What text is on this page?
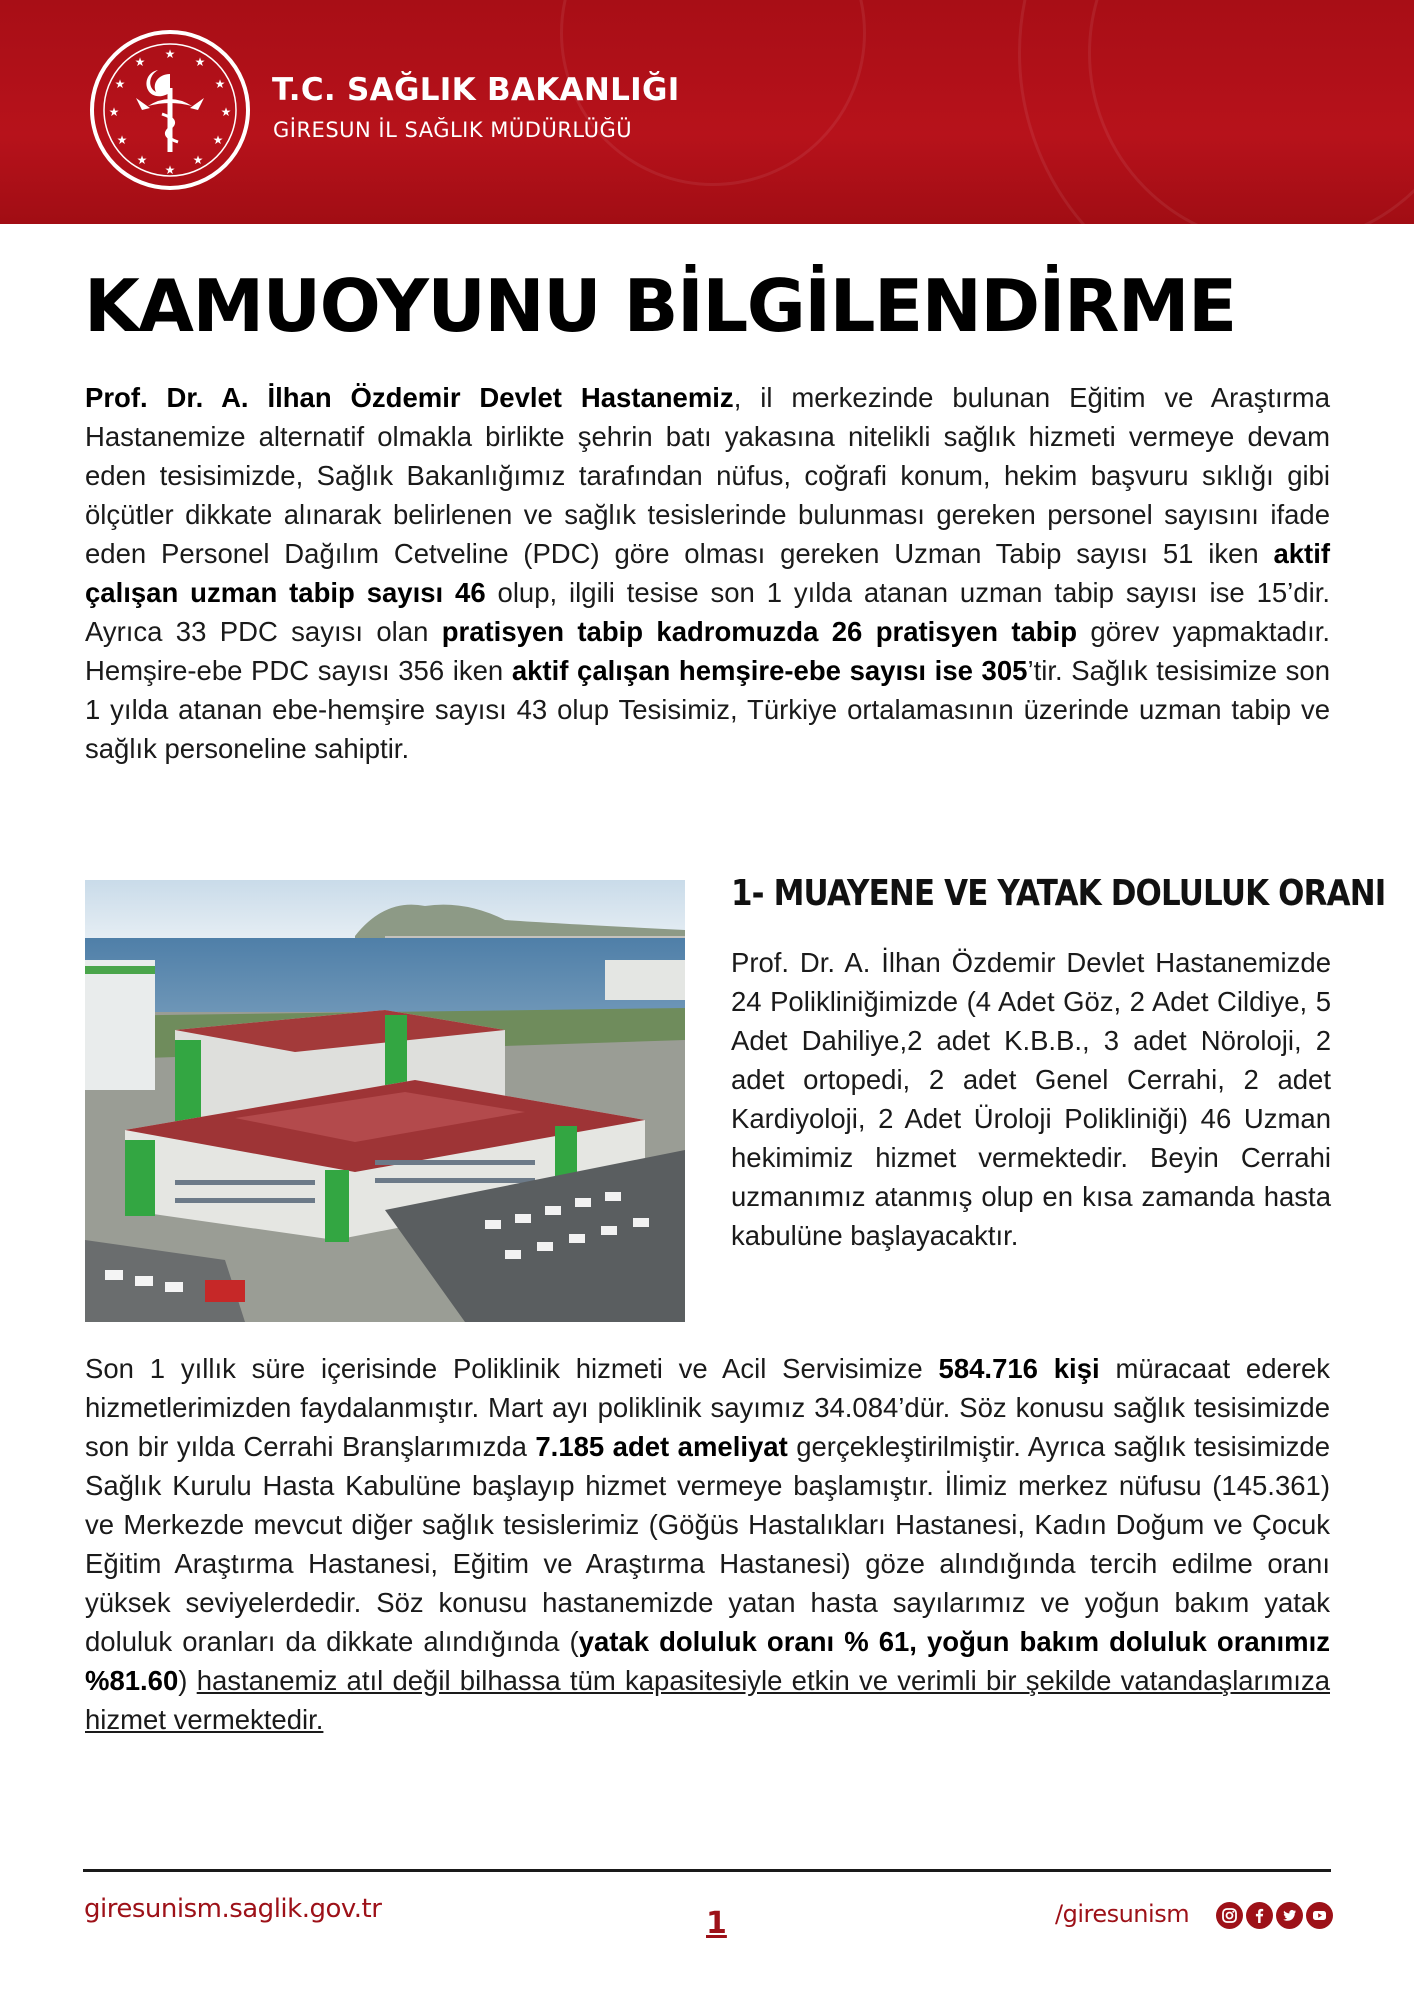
★
★
★
★
★
★
★
★
★
★
★
★
T.C. SAĞLIK BAKANLIĞI
GİRESUN İL SAĞLIK MÜDÜRLÜĞÜ
KAMUOYUNU BİLGİLENDİRME

Prof. Dr. A. İlhan Özdemir Devlet Hastanemiz, il merkezinde bulunan Eğitim ve Araştırma Hastanemize alternatif olmakla birlikte şehrin batı yakasına nitelikli sağlık hizmeti vermeye devam eden tesisimizde, Sağlık Bakanlığımız tarafından nüfus, coğrafi konum, hekim başvuru sıklığı gibi ölçütler dikkate alınarak belirlenen ve sağlık tesislerinde bulunması gereken personel sayısını ifade eden Personel Dağılım Cetveline (PDC) göre olması gereken Uzman Tabip sayısı 51 iken aktif çalışan uzman tabip sayısı 46 olup, ilgili tesise son 1 yılda atanan uzman tabip sayısı ise 15’dir. Ayrıca 33 PDC sayısı olan pratisyen tabip kadromuzda 26 pratisyen tabip görev yapmaktadır. Hemşire-ebe PDC sayısı 356 iken aktif çalışan hemşire-ebe sayısı ise 305’tir. Sağlık tesisimize son 1 yılda atanan ebe-hemşire sayısı 43 olup Tesisimiz, Türkiye ortalamasının üzerinde uzman tabip ve sağlık personeline sahiptir.

1- MUAYENE VE YATAK DOLULUK ORANI

Prof. Dr. A. İlhan Özdemir Devlet Hastanemizde 24 Polikliniğimizde (4 Adet Göz, 2 Adet Cildiye, 5 Adet Dahiliye,2 adet K.B.B., 3 adet Nöroloji, 2 adet ortopedi, 2 adet Genel Cerrahi, 2 adet Kardiyoloji, 2 Adet Üroloji Polikliniği) 46 Uzman hekimimiz hizmet vermektedir. Beyin Cerrahi uzmanımız atanmış olup en kısa zamanda hasta kabulüne başlayacaktır.

Son 1 yıllık süre içerisinde Poliklinik hizmeti ve Acil Servisimize 584.716 kişi müracaat ederek hizmetlerimizden faydalanmıştır. Mart ayı poliklinik sayımız 34.084’dür. Söz konusu sağlık tesisimizde son bir yılda Cerrahi Branşlarımızda 7.185 adet ameliyat gerçekleştirilmiştir. Ayrıca sağlık tesisimizde Sağlık Kurulu Hasta Kabulüne başlayıp hizmet vermeye başlamıştır. İlimiz merkez nüfusu (145.361) ve Merkezde mevcut diğer sağlık tesislerimiz (Göğüs Hastalıkları Hastanesi, Kadın Doğum ve Çocuk Eğitim Araştırma Hastanesi, Eğitim ve Araştırma Hastanesi) göze alındığında tercih edilme oranı yüksek seviyelerdedir. Söz konusu hastanemizde yatan hasta sayılarımız ve yoğun bakım yatak doluluk oranları da dikkate alındığında (yatak doluluk oranı % 61, yoğun bakım doluluk oranımız %81.60) hastanemiz atıl değil bilhassa tüm kapasitesiyle etkin ve verimli bir şekilde vatandaşlarımıza hizmet vermektedir.

giresunism.saglik.gov.tr	1	/giresunism
